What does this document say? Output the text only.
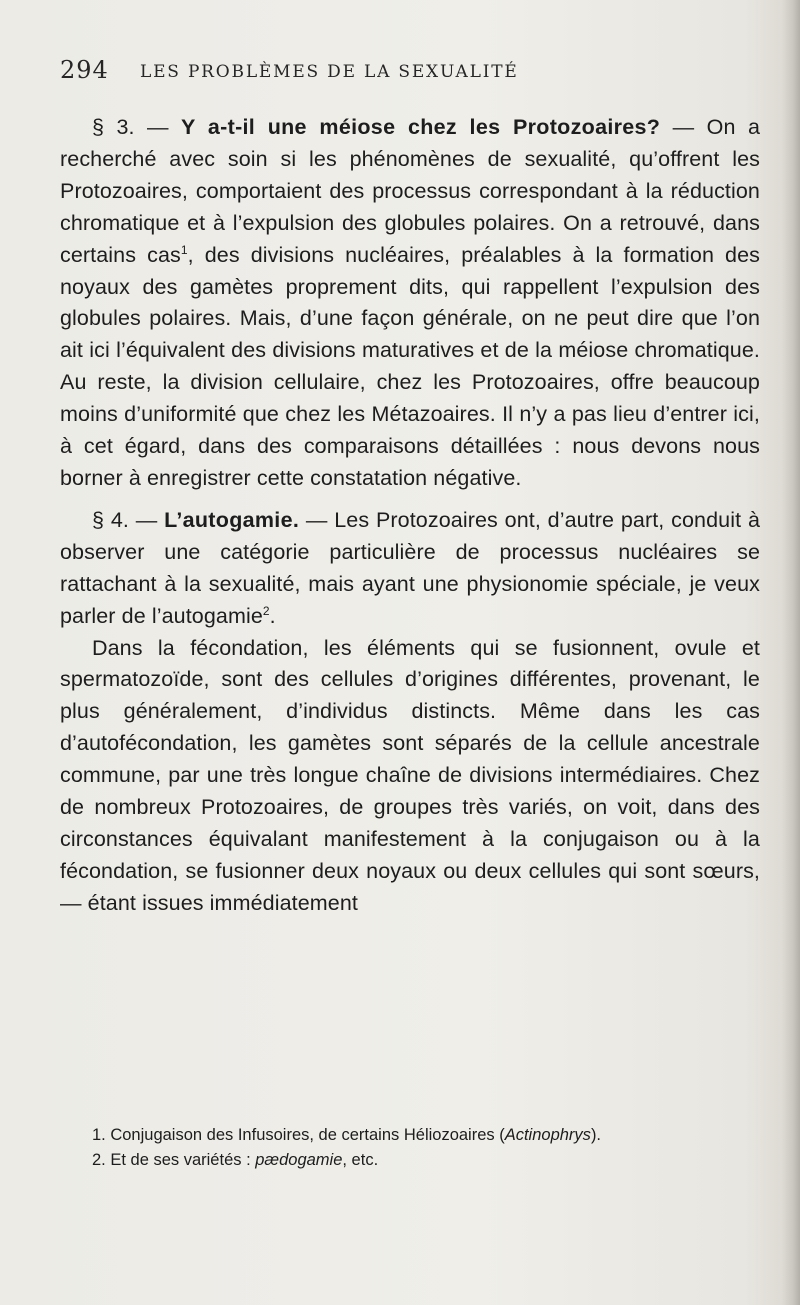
294 LES PROBLÈMES DE LA SEXUALITÉ

§ 3. — Y a-t-il une méiose chez les Protozoaires? — On a recherché avec soin si les phénomènes de sexualité, qu’offrent les Protozoaires, comportaient des processus correspondant à la réduction chromatique et à l’expulsion des globules polaires. On a retrouvé, dans certains cas$^1$, des divisions nucléaires, préalables à la formation des noyaux des gamètes proprement dits, qui rappellent l’expulsion des globules polaires. Mais, d’une façon générale, on ne peut dire que l’on ait ici l’équivalent des divisions maturatives et de la méiose chromatique. Au reste, la division cellulaire, chez les Protozoaires, offre beaucoup moins d’uniformité que chez les Métazoaires. Il n’y a pas lieu d’entrer ici, à cet égard, dans des comparaisons détaillées : nous devons nous borner à enregistrer cette constatation négative.

§ 4. — L’autogamie. — Les Protozoaires ont, d’autre part, conduit à observer une catégorie particulière de processus nucléaires se rattachant à la sexualité, mais ayant une physionomie spéciale, je veux parler de l’autogamie$^2$.

Dans la fécondation, les éléments qui se fusionnent, ovule et spermatozoïde, sont des cellules d’origines différentes, provenant, le plus généralement, d’individus distincts. Même dans les cas d’autofécondation, les gamètes sont séparés de la cellule ancestrale commune, par une très longue chaîne de divisions intermédiaires. Chez de nombreux Protozoaires, de groupes très variés, on voit, dans des circonstances équivalant manifestement à la conjugaison ou à la fécondation, se fusionner deux noyaux ou deux cellules qui sont sœurs, — étant issues immédiatement

1. Conjugaison des Infusoires, de certains Héliozoaires (Actinophrys).

2. Et de ses variétés : pædogamie, etc.
